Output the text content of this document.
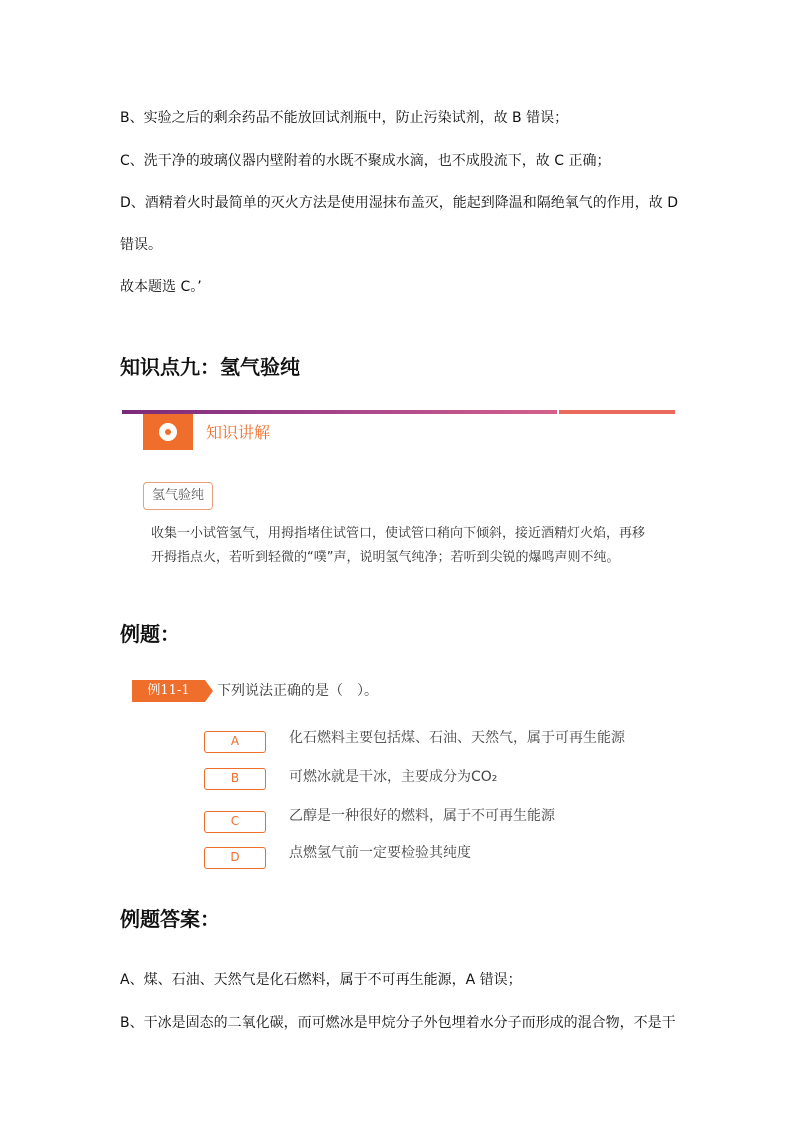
B、实验之后的剩余药品不能放回试剂瓶中，防止污染试剂，故 B 错误；
C、洗干净的玻璃仪器内壁附着的水既不聚成水滴，也不成股流下，故 C 正确；
D、酒精着火时最简单的灭火方法是使用湿抹布盖灭，能起到降温和隔绝氧气的作用，故 D
错误。
故本题选 C。’
知识点九：氢气验纯
知识讲解
氢气验纯
收集一小试管氢气，用拇指堵住试管口，使试管口稍向下倾斜，接近酒精灯火焰，再移
开拇指点火，若听到轻微的“噗”声，说明氢气纯净；若听到尖锐的爆鸣声则不纯。
例题：
例11-1	下列说法正确的是（　）。
A	化石燃料主要包括煤、石油、天然气，属于可再生能源
B	可燃冰就是干冰，主要成分为CO₂
C	乙醇是一种很好的燃料，属于不可再生能源
D	点燃氢气前一定要检验其纯度
例题答案：
A、煤、石油、天然气是化石燃料，属于不可再生能源，A 错误；
B、干冰是固态的二氧化碳，而可燃冰是甲烷分子外包埋着水分子而形成的混合物，不是干
